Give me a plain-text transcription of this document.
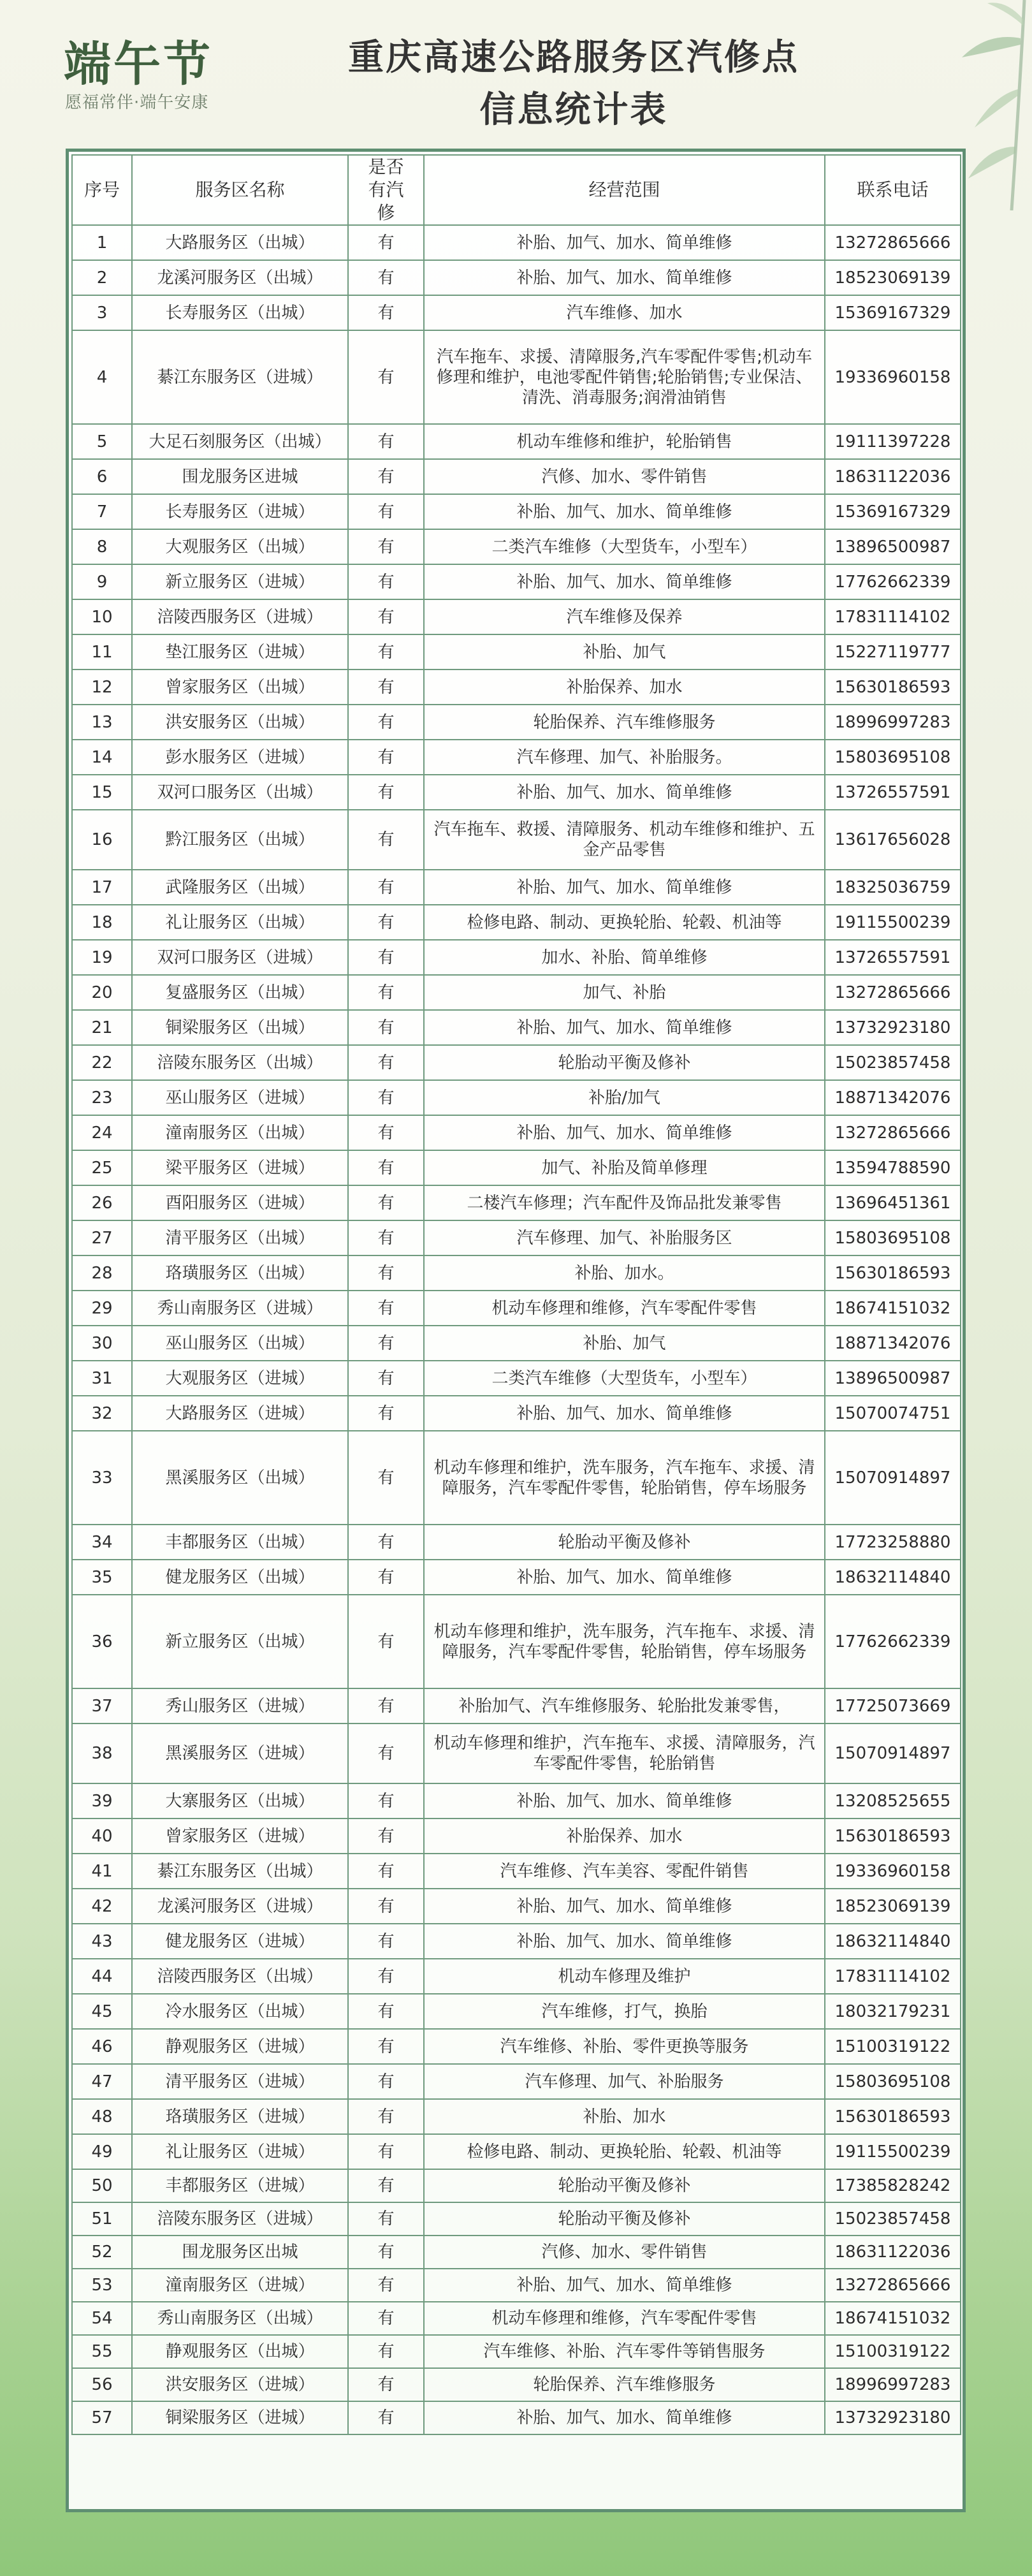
端午节
愿福常伴·端午安康
重庆高速公路服务区汽修点
信息统计表
序号	服务区名称	是否有汽修	经营范围	联系电话
1	大路服务区（出城）	有	补胎、加气、加水、简单维修	13272865666
2	龙溪河服务区（出城）	有	补胎、加气、加水、简单维修	18523069139
3	长寿服务区（出城）	有	汽车维修、加水	15369167329
4	綦江东服务区（进城）	有	汽车拖车、求援、清障服务,汽车零配件零售;机动车修理和维护，电池零配件销售;轮胎销售;专业保洁、清洗、消毒服务;润滑油销售	19336960158
5	大足石刻服务区（出城）	有	机动车维修和维护，轮胎销售	19111397228
6	围龙服务区进城	有	汽修、加水、零件销售	18631122036
7	长寿服务区（进城）	有	补胎、加气、加水、简单维修	15369167329
8	大观服务区（出城）	有	二类汽车维修（大型货车，小型车）	13896500987
9	新立服务区（进城）	有	补胎、加气、加水、简单维修	17762662339
10	涪陵西服务区（进城）	有	汽车维修及保养	17831114102
11	垫江服务区（进城）	有	补胎、加气	15227119777
12	曾家服务区（出城）	有	补胎保养、加水	15630186593
13	洪安服务区（出城）	有	轮胎保养、汽车维修服务	18996997283
14	彭水服务区（进城）	有	汽车修理、加气、补胎服务。	15803695108
15	双河口服务区（出城）	有	补胎、加气、加水、简单维修	13726557591
16	黔江服务区（出城）	有	汽车拖车、救援、清障服务、机动车维修和维护、五金产品零售	13617656028
17	武隆服务区（出城）	有	补胎、加气、加水、简单维修	18325036759
18	礼让服务区（出城）	有	检修电路、制动、更换轮胎、轮毂、机油等	19115500239
19	双河口服务区（进城）	有	加水、补胎、简单维修	13726557591
20	复盛服务区（出城）	有	加气、补胎	13272865666
21	铜梁服务区（出城）	有	补胎、加气、加水、简单维修	13732923180
22	涪陵东服务区（出城）	有	轮胎动平衡及修补	15023857458
23	巫山服务区（进城）	有	补胎/加气	18871342076
24	潼南服务区（出城）	有	补胎、加气、加水、简单维修	13272865666
25	梁平服务区（进城）	有	加气、补胎及简单修理	13594788590
26	酉阳服务区（进城）	有	二楼汽车修理；汽车配件及饰品批发兼零售	13696451361
27	清平服务区（出城）	有	汽车修理、加气、补胎服务区	15803695108
28	珞璜服务区（出城）	有	补胎、加水。	15630186593
29	秀山南服务区（进城）	有	机动车修理和维修，汽车零配件零售	18674151032
30	巫山服务区（出城）	有	补胎、加气	18871342076
31	大观服务区（进城）	有	二类汽车维修（大型货车，小型车）	13896500987
32	大路服务区（进城）	有	补胎、加气、加水、简单维修	15070074751
33	黑溪服务区（出城）	有	机动车修理和维护，洗车服务，汽车拖车、求援、清障服务，汽车零配件零售，轮胎销售，停车场服务	15070914897
34	丰都服务区（出城）	有	轮胎动平衡及修补	17723258880
35	健龙服务区（出城）	有	补胎、加气、加水、简单维修	18632114840
36	新立服务区（出城）	有	机动车修理和维护，洗车服务，汽车拖车、求援、清障服务，汽车零配件零售，轮胎销售，停车场服务	17762662339
37	秀山服务区（进城）	有	补胎加气、汽车维修服务、轮胎批发兼零售，	17725073669
38	黑溪服务区（进城）	有	机动车修理和维护，汽车拖车、求援、清障服务，汽车零配件零售，轮胎销售	15070914897
39	大寨服务区（出城）	有	补胎、加气、加水、简单维修	13208525655
40	曾家服务区（进城）	有	补胎保养、加水	15630186593
41	綦江东服务区（出城）	有	汽车维修、汽车美容、零配件销售	19336960158
42	龙溪河服务区（进城）	有	补胎、加气、加水、简单维修	18523069139
43	健龙服务区（进城）	有	补胎、加气、加水、简单维修	18632114840
44	涪陵西服务区（出城）	有	机动车修理及维护	17831114102
45	冷水服务区（出城）	有	汽车维修，打气，换胎	18032179231
46	静观服务区（进城）	有	汽车维修、补胎、零件更换等服务	15100319122
47	清平服务区（进城）	有	汽车修理、加气、补胎服务	15803695108
48	珞璜服务区（进城）	有	补胎、加水	15630186593
49	礼让服务区（进城）	有	检修电路、制动、更换轮胎、轮毂、机油等	19115500239
50	丰都服务区（进城）	有	轮胎动平衡及修补	17385828242
51	涪陵东服务区（进城）	有	轮胎动平衡及修补	15023857458
52	围龙服务区出城	有	汽修、加水、零件销售	18631122036
53	潼南服务区（进城）	有	补胎、加气、加水、简单维修	13272865666
54	秀山南服务区（出城）	有	机动车修理和维修，汽车零配件零售	18674151032
55	静观服务区（出城）	有	汽车维修、补胎、汽车零件等销售服务	15100319122
56	洪安服务区（进城）	有	轮胎保养、汽车维修服务	18996997283
57	铜梁服务区（进城）	有	补胎、加气、加水、简单维修	13732923180
